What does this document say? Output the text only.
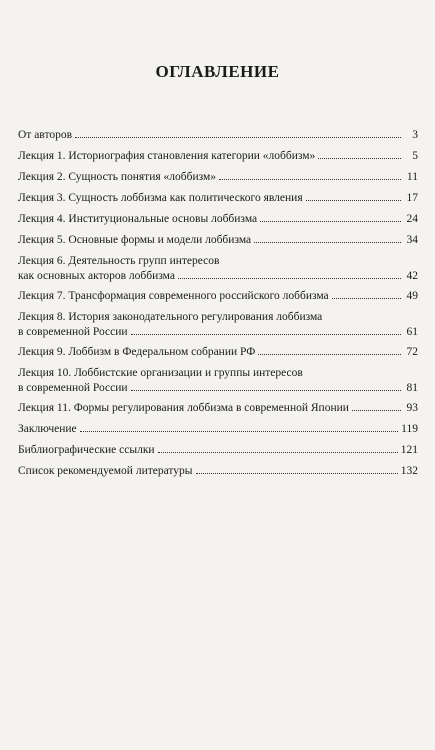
ОГЛАВЛЕНИЕ
От авторов	3
Лекция 1. Историография становления категории «лоббизм»	5
Лекция 2. Сущность понятия «лоббизм»	11
Лекция 3. Сущность лоббизма как политического явления	17
Лекция 4. Институциональные основы лоббизма	24
Лекция 5. Основные формы и модели лоббизма	34
Лекция 6. Деятельность групп интересов
как основных акторов лоббизма	42
Лекция 7. Трансформация современного российского лоббизма	49
Лекция 8. История законодательного регулирования лоббизма
в современной России	61
Лекция 9. Лоббизм в Федеральном собрании РФ	72
Лекция 10. Лоббистские организации и группы интересов
в современной России	81
Лекция 11. Формы регулирования лоббизма в современной Японии	93
Заключение	119
Библиографические ссылки	121
Список рекомендуемой литературы	132
